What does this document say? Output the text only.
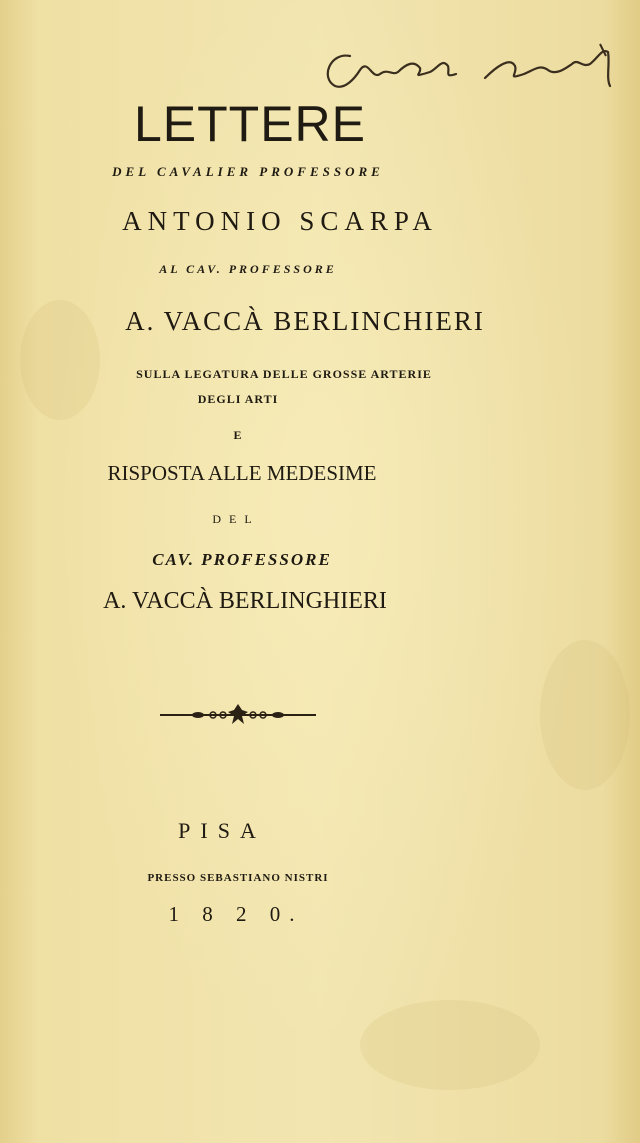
LETTERE
DEL CAVALIER PROFESSORE
ANTONIO SCARPA
AL CAV. PROFESSORE
A. VACCÀ BERLINCHIERI
SULLA LEGATURA DELLE GROSSE ARTERIE
DEGLI ARTI
E
RISPOSTA ALLE MEDESIME
DEL
CAV. PROFESSORE
A. VACCÀ BERLINGHIERI
PISA
PRESSO SEBASTIANO NISTRI
1 8 2 0.
